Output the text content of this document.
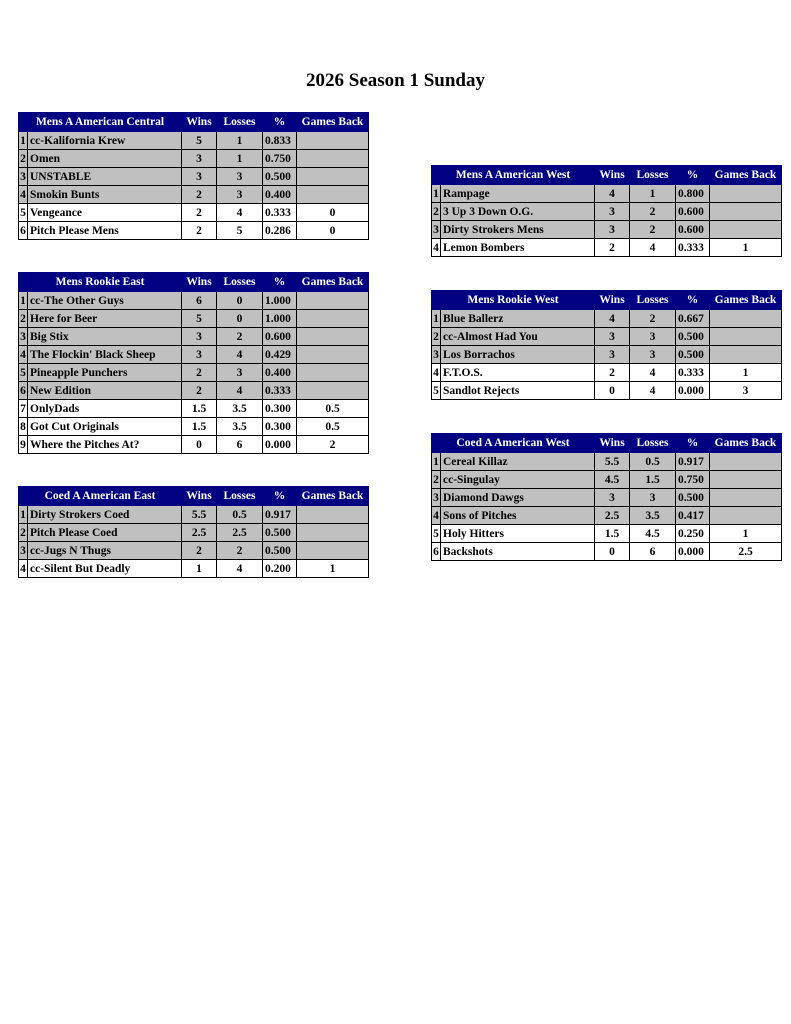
2026 Season 1 Sunday
Mens A American Central		Wins	Losses	%	Games Back
1	cc-Kalifornia Krew	5	1	0.833	
2	Omen	3	1	0.750	
3	UNSTABLE	3	3	0.500	
4	Smokin Bunts	2	3	0.400	
5	Vengeance	2	4	0.333	0
6	Pitch Please Mens	2	5	0.286	0
Mens A American West		Wins	Losses	%	Games Back
1	Rampage	4	1	0.800	
2	3 Up 3 Down O.G.	3	2	0.600	
3	Dirty Strokers Mens	3	2	0.600	
4	Lemon Bombers	2	4	0.333	1
Mens Rookie East		Wins	Losses	%	Games Back
1	cc-The Other Guys	6	0	1.000	
2	Here for Beer	5	0	1.000	
3	Big Stix	3	2	0.600	
4	The Flockin' Black Sheep	3	4	0.429	
5	Pineapple Punchers	2	3	0.400	
6	New Edition	2	4	0.333	
7	OnlyDads	1.5	3.5	0.300	0.5
8	Got Cut Originals	1.5	3.5	0.300	0.5
9	Where the Pitches At?	0	6	0.000	2
Mens Rookie West		Wins	Losses	%	Games Back
1	Blue Ballerz	4	2	0.667	
2	cc-Almost Had You	3	3	0.500	
3	Los Borrachos	3	3	0.500	
4	F.T.O.S.	2	4	0.333	1
5	Sandlot Rejects	0	4	0.000	3
Coed A American West		Wins	Losses	%	Games Back
1	Cereal Killaz	5.5	0.5	0.917	
2	cc-Singulay	4.5	1.5	0.750	
3	Diamond Dawgs	3	3	0.500	
4	Sons of Pitches	2.5	3.5	0.417	
5	Holy Hitters	1.5	4.5	0.250	1
6	Backshots	0	6	0.000	2.5
Coed A American East		Wins	Losses	%	Games Back
1	Dirty Strokers Coed	5.5	0.5	0.917	
2	Pitch Please Coed	2.5	2.5	0.500	
3	cc-Jugs N Thugs	2	2	0.500	
4	cc-Silent But Deadly	1	4	0.200	1
